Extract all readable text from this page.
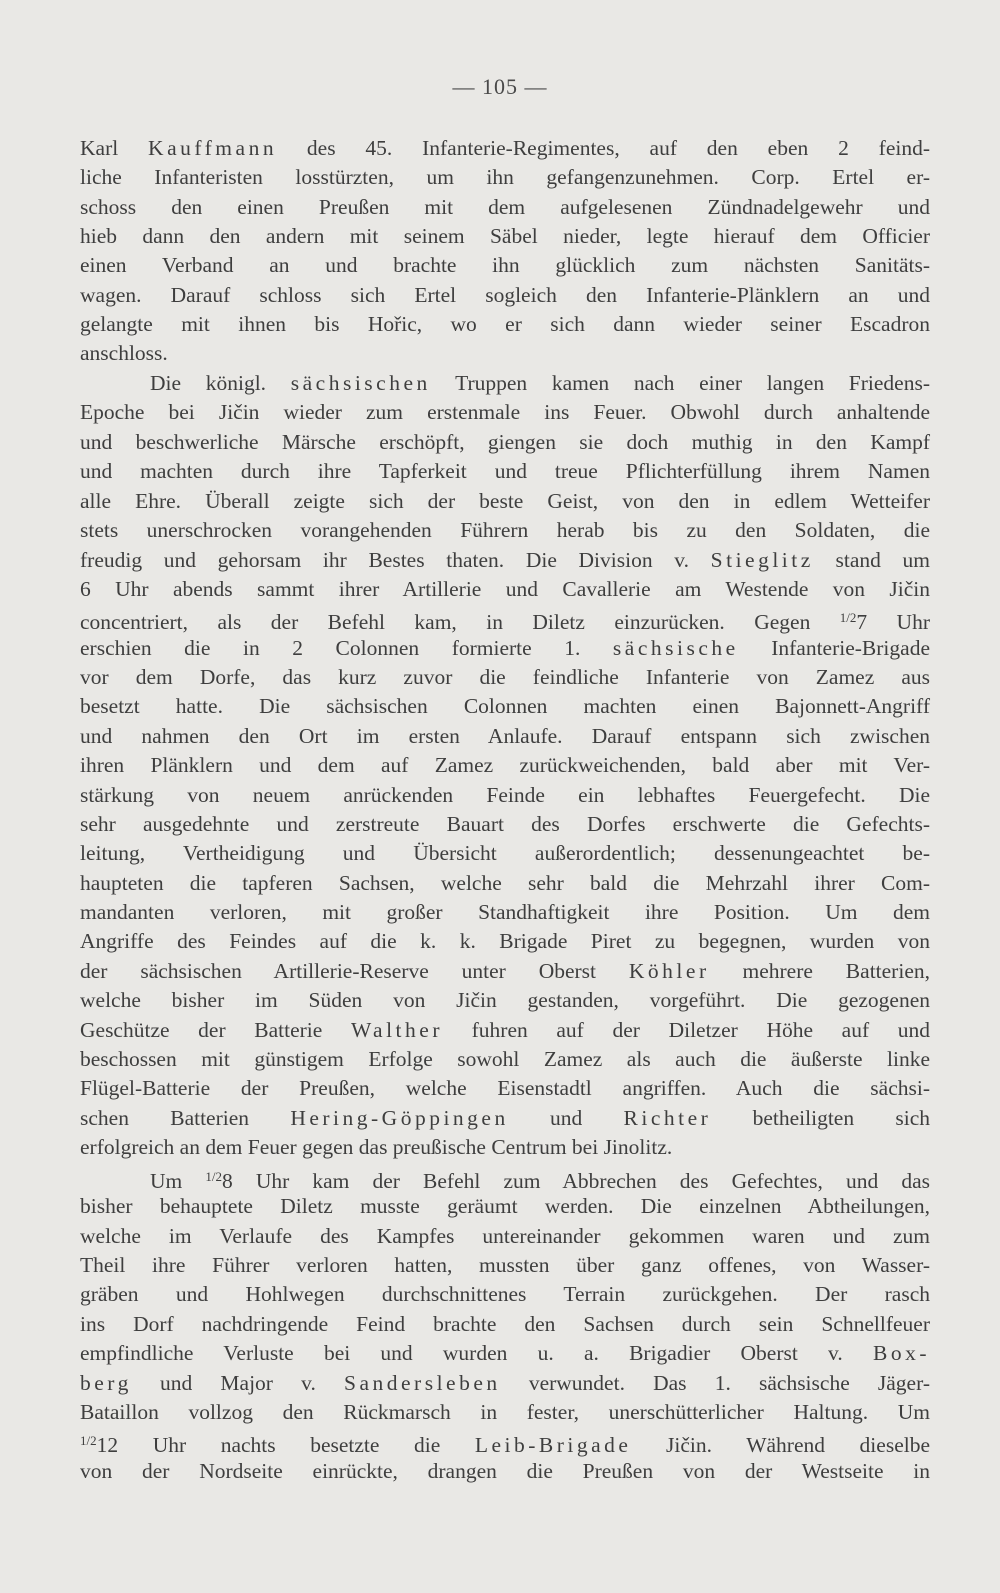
— 105 —
Karl Kauffmann des 45. Infanterie-Regimentes, auf den eben 2 feind-
liche Infanteristen losstürzten, um ihn gefangenzunehmen. Corp. Ertel er-
schoss den einen Preußen mit dem aufgelesenen Zündnadelgewehr und
hieb dann den andern mit seinem Säbel nieder, legte hierauf dem Officier
einen Verband an und brachte ihn glücklich zum nächsten Sanitäts-
wagen. Darauf schloss sich Ertel sogleich den Infanterie-Plänklern an und
gelangte mit ihnen bis Hořic, wo er sich dann wieder seiner Escadron
anschloss.
Die königl. sächsischen Truppen kamen nach einer langen Friedens-
Epoche bei Jičin wieder zum erstenmale ins Feuer. Obwohl durch anhaltende
und beschwerliche Märsche erschöpft, giengen sie doch muthig in den Kampf
und machten durch ihre Tapferkeit und treue Pflichterfüllung ihrem Namen
alle Ehre. Überall zeigte sich der beste Geist, von den in edlem Wetteifer
stets unerschrocken vorangehenden Führern herab bis zu den Soldaten, die
freudig und gehorsam ihr Bestes thaten. Die Division v. Stieglitz stand um
6 Uhr abends sammt ihrer Artillerie und Cavallerie am Westende von Jičin
concentriert, als der Befehl kam, in Diletz einzurücken. Gegen $^{1/2}$7 Uhr
erschien die in 2 Colonnen formierte 1. sächsische Infanterie-Brigade
vor dem Dorfe, das kurz zuvor die feindliche Infanterie von Zamez aus
besetzt hatte. Die sächsischen Colonnen machten einen Bajonnett-Angriff
und nahmen den Ort im ersten Anlaufe. Darauf entspann sich zwischen
ihren Plänklern und dem auf Zamez zurückweichenden, bald aber mit Ver-
stärkung von neuem anrückenden Feinde ein lebhaftes Feuergefecht. Die
sehr ausgedehnte und zerstreute Bauart des Dorfes erschwerte die Gefechts-
leitung, Vertheidigung und Übersicht außerordentlich; dessenungeachtet be-
haupteten die tapferen Sachsen, welche sehr bald die Mehrzahl ihrer Com-
mandanten verloren, mit großer Standhaftigkeit ihre Position. Um dem
Angriffe des Feindes auf die k. k. Brigade Piret zu begegnen, wurden von
der sächsischen Artillerie-Reserve unter Oberst Köhler mehrere Batterien,
welche bisher im Süden von Jičin gestanden, vorgeführt. Die gezogenen
Geschütze der Batterie Walther fuhren auf der Diletzer Höhe auf und
beschossen mit günstigem Erfolge sowohl Zamez als auch die äußerste linke
Flügel-Batterie der Preußen, welche Eisenstadtl angriffen. Auch die sächsi-
schen Batterien Hering-Göppingen und Richter betheiligten sich
erfolgreich an dem Feuer gegen das preußische Centrum bei Jinolitz.
Um $^{1/2}$8 Uhr kam der Befehl zum Abbrechen des Gefechtes, und das
bisher behauptete Diletz musste geräumt werden. Die einzelnen Abtheilungen,
welche im Verlaufe des Kampfes untereinander gekommen waren und zum
Theil ihre Führer verloren hatten, mussten über ganz offenes, von Wasser-
gräben und Hohlwegen durchschnittenes Terrain zurückgehen. Der rasch
ins Dorf nachdringende Feind brachte den Sachsen durch sein Schnellfeuer
empfindliche Verluste bei und wurden u. a. Brigadier Oberst v. Box-
berg und Major v. Sandersleben verwundet. Das 1. sächsische Jäger-
Bataillon vollzog den Rückmarsch in fester, unerschütterlicher Haltung. Um
$^{1/2}$12 Uhr nachts besetzte die Leib-Brigade Jičin. Während dieselbe
von der Nordseite einrückte, drangen die Preußen von der Westseite in
